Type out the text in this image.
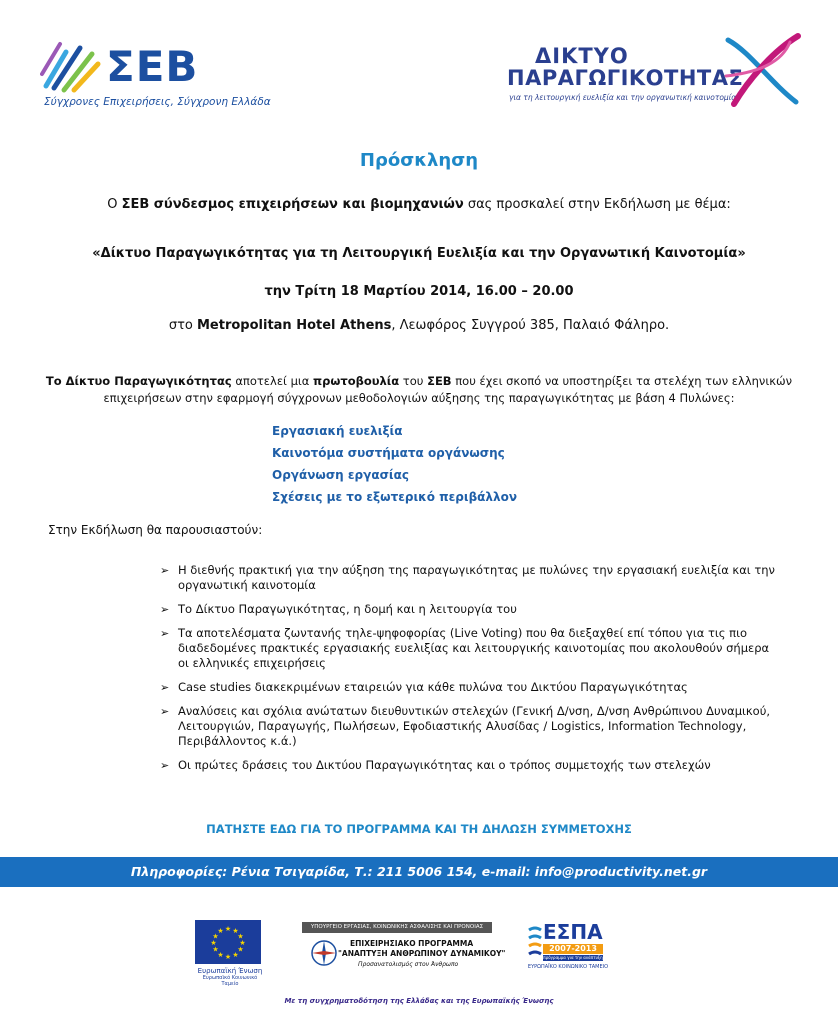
ΣΕΒ
Σύγχρονες Επιχειρήσεις, Σύγχρονη Ελλάδα
ΔΙΚΤΥΟ
ΠΑΡΑΓΩΓΙΚΟΤΗΤΑΣ
για τη λειτουργική ευελιξία και την οργανωτική καινοτομία
Πρόσκληση
Ο ΣΕΒ σύνδεσμος επιχειρήσεων και βιομηχανιών σας προσκαλεί στην Εκδήλωση με θέμα:
«Δίκτυο Παραγωγικότητας για τη Λειτουργική Ευελιξία και την Οργανωτική Καινοτομία»
την Τρίτη 18 Μαρτίου 2014, 16.00 – 20.00
στο Metropolitan Hotel Athens, Λεωφόρος Συγγρού 385, Παλαιό Φάληρο.
Το Δίκτυο Παραγωγικότητας αποτελεί μια πρωτοβουλία του ΣΕΒ που έχει σκοπό να υποστηρίξει τα στελέχη των ελληνικών επιχειρήσεων στην εφαρμογή σύγχρονων μεθοδολογιών αύξησης της παραγωγικότητας με βάση 4 Πυλώνες:
Εργασιακή ευελιξία
Καινοτόμα συστήματα οργάνωσης
Οργάνωση εργασίας
Σχέσεις με το εξωτερικό περιβάλλον
Στην Εκδήλωση θα παρουσιαστούν:
➢ Η διεθνής πρακτική για την αύξηση της παραγωγικότητας με πυλώνες την εργασιακή ευελιξία και την οργανωτική καινοτομία
➢ Το Δίκτυο Παραγωγικότητας, η δομή και η λειτουργία του
➢ Τα αποτελέσματα ζωντανής τηλε-ψηφοφορίας (Live Voting) που θα διεξαχθεί επί τόπου για τις πιο διαδεδομένες πρακτικές εργασιακής ευελιξίας και λειτουργικής καινοτομίας που ακολουθούν σήμερα οι ελληνικές επιχειρήσεις
➢ Case studies διακεκριμένων εταιρειών για κάθε πυλώνα του Δικτύου Παραγωγικότητας
➢ Αναλύσεις και σχόλια ανώτατων διευθυντικών στελεχών (Γενική Δ/νση, Δ/νση Ανθρώπινου Δυναμικού, Λειτουργιών, Παραγωγής, Πωλήσεων, Εφοδιαστικής Αλυσίδας / Logistics, Information Technology, Περιβάλλοντος κ.ά.)
➢ Οι πρώτες δράσεις του Δικτύου Παραγωγικότητας και ο τρόπος συμμετοχής των στελεχών
ΠΑΤΗΣΤΕ ΕΔΩ ΓΙΑ ΤΟ ΠΡΟΓΡΑΜΜΑ ΚΑΙ ΤΗ ΔΗΛΩΣΗ ΣΥΜΜΕΤΟΧΗΣ
Πληροφορίες: Ρένια Τσιγαρίδα, Τ.: 211 5006 154, e-mail: info@productivity.net.gr
★ ★
★
★
★
★
★
★
★
★
★
★
Ευρωπαϊκή Ένωση
Ευρωπαϊκό Κοινωνικό Ταμείο
ΥΠΟΥΡΓΕΙΟ ΕΡΓΑΣΙΑΣ, ΚΟΙΝΩΝΙΚΗΣ ΑΣΦΑΛΙΣΗΣ ΚΑΙ ΠΡΟΝΟΙΑΣ
ΕΠΙΧΕΙΡΗΣΙΑΚΟ ΠΡΟΓΡΑΜΜΑ
"ΑΝΑΠΤΥΞΗ ΑΝΘΡΩΠΙΝΟΥ ΔΥΝΑΜΙΚΟΥ"
Προσανατολισμός στον Άνθρωπο
ΕΣΠΑ
2007-2013
πρόγραμμα για την ανάπτυξη
ΕΥΡΩΠΑΪΚΟ ΚΟΙΝΩΝΙΚΟ ΤΑΜΕΙΟ
Με τη συγχρηματοδότηση της Ελλάδας και της Ευρωπαϊκής Ένωσης
